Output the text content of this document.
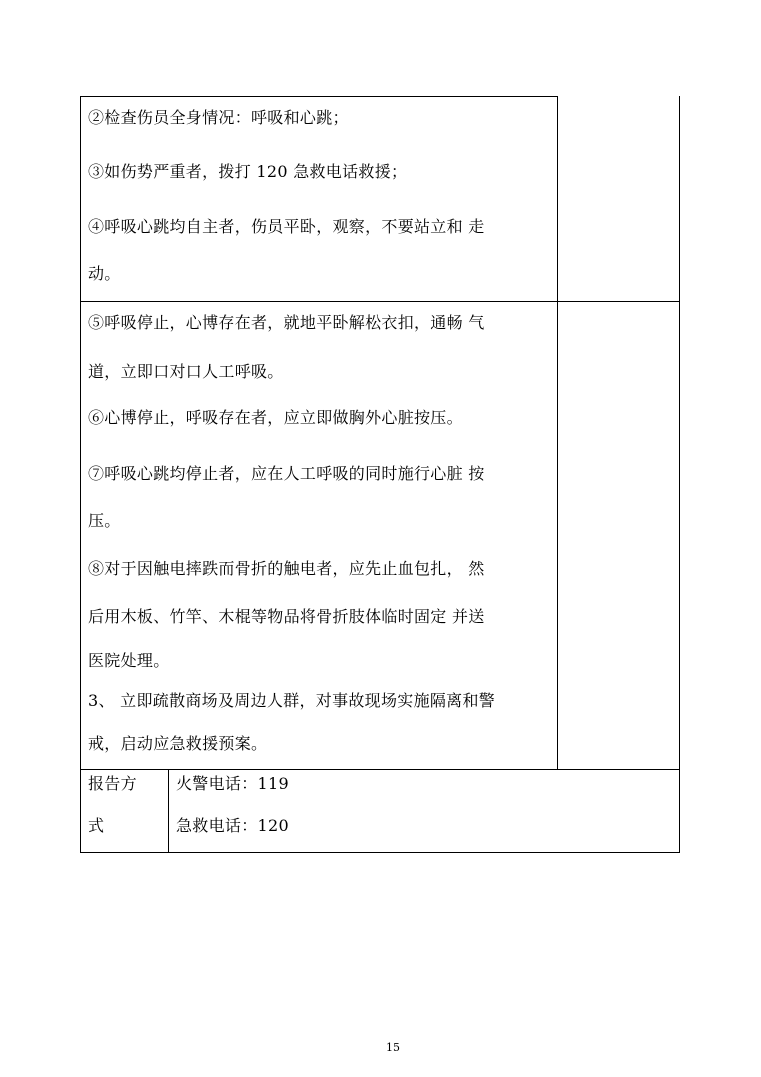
②检查伤员全身情况：呼吸和心跳；
③如伤势严重者，拨打 120 急救电话救援；
④呼吸心跳均自主者，伤员平卧，观察，不要站立和 走
动。
⑤呼吸停止，心博存在者，就地平卧解松衣扣，通畅 气
道，立即口对口人工呼吸。
⑥心博停止，呼吸存在者，应立即做胸外心脏按压。
⑦呼吸心跳均停止者，应在人工呼吸的同时施行心脏 按
压。
⑧对于因触电摔跌而骨折的触电者，应先止血包扎， 然
后用木板、竹竿、木棍等物品将骨折肢体临时固定 并送
医院处理。
3、 立即疏散商场及周边人群，对事故现场实施隔离和警
戒，启动应急救援预案。
报告方
式
火警电话：119
急救电话：120
15
